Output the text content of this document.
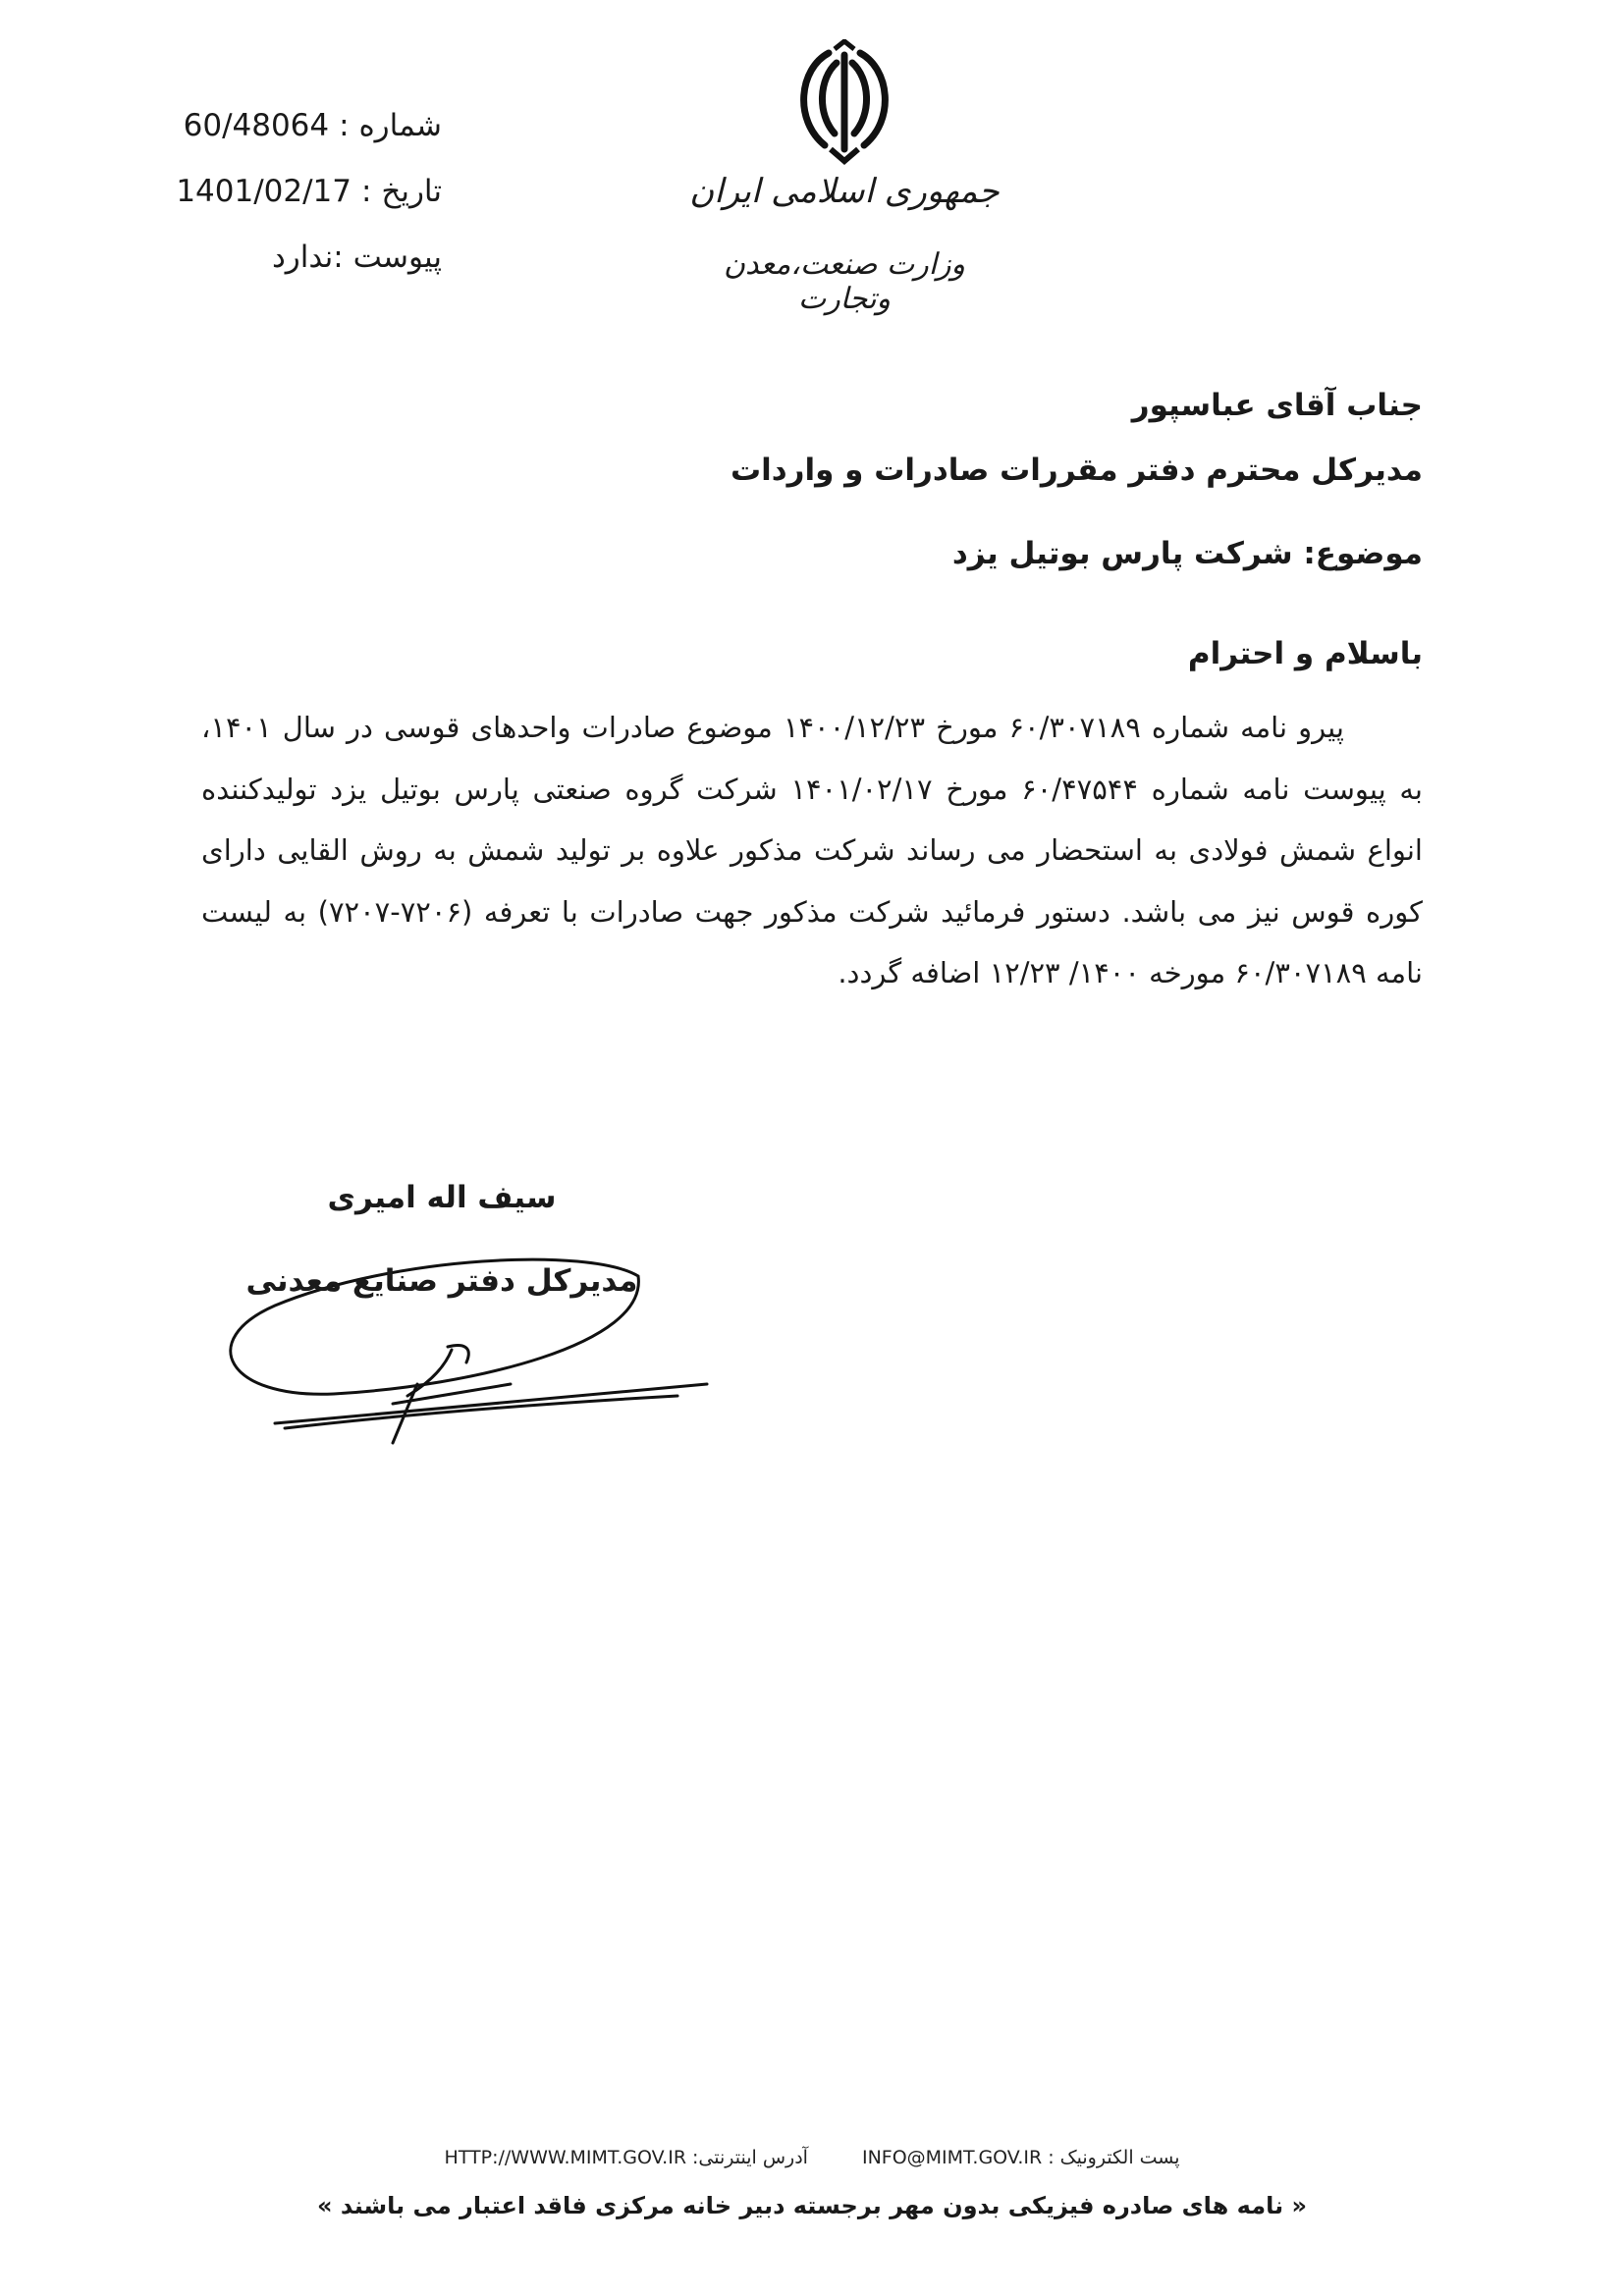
60/48064 شماره :
1401/02/17 تاریخ :
پیوست :ندارد
جمهوری اسلامی ایران
وزارت صنعت،معدن وتجارت
جناب آقای عباسپور
مدیرکل محترم دفتر مقررات صادرات و واردات
موضوع: شرکت پارس بوتیل یزد
باسلام و احترام
پیرو نامه شماره ۶۰/۳۰۷۱۸۹ مورخ ۱۴۰۰/۱۲/۲۳ موضوع صادرات واحدهای قوسی در سال ۱۴۰۱، به پیوست نامه شماره ۶۰/۴۷۵۴۴ مورخ ۱۴۰۱/۰۲/۱۷ شرکت گروه صنعتی پارس بوتیل یزد تولیدکننده انواع شمش فولادی به استحضار می رساند شرکت مذکور علاوه بر تولید شمش به روش القایی دارای کوره قوس نیز می باشد. دستور فرمائید شرکت مذکور جهت صادرات با تعرفه (۷۲۰۶-۷۲۰۷) به لیست نامه ۶۰/۳۰۷۱۸۹ مورخه ۱۴۰۰/ ۱۲/۲۳ اضافه گردد.
سیف اله امیری
مدیرکل دفتر صنایع معدنی
آدرس اینترنتی:
HTTP://WWW.MIMT.GOV.IR	پست الکترونیک :
INFO@MIMT.GOV.IR
« نامه های صادره فیزیکی بدون مهر برجسته دبیر خانه مرکزی فاقد اعتبار می باشند »
